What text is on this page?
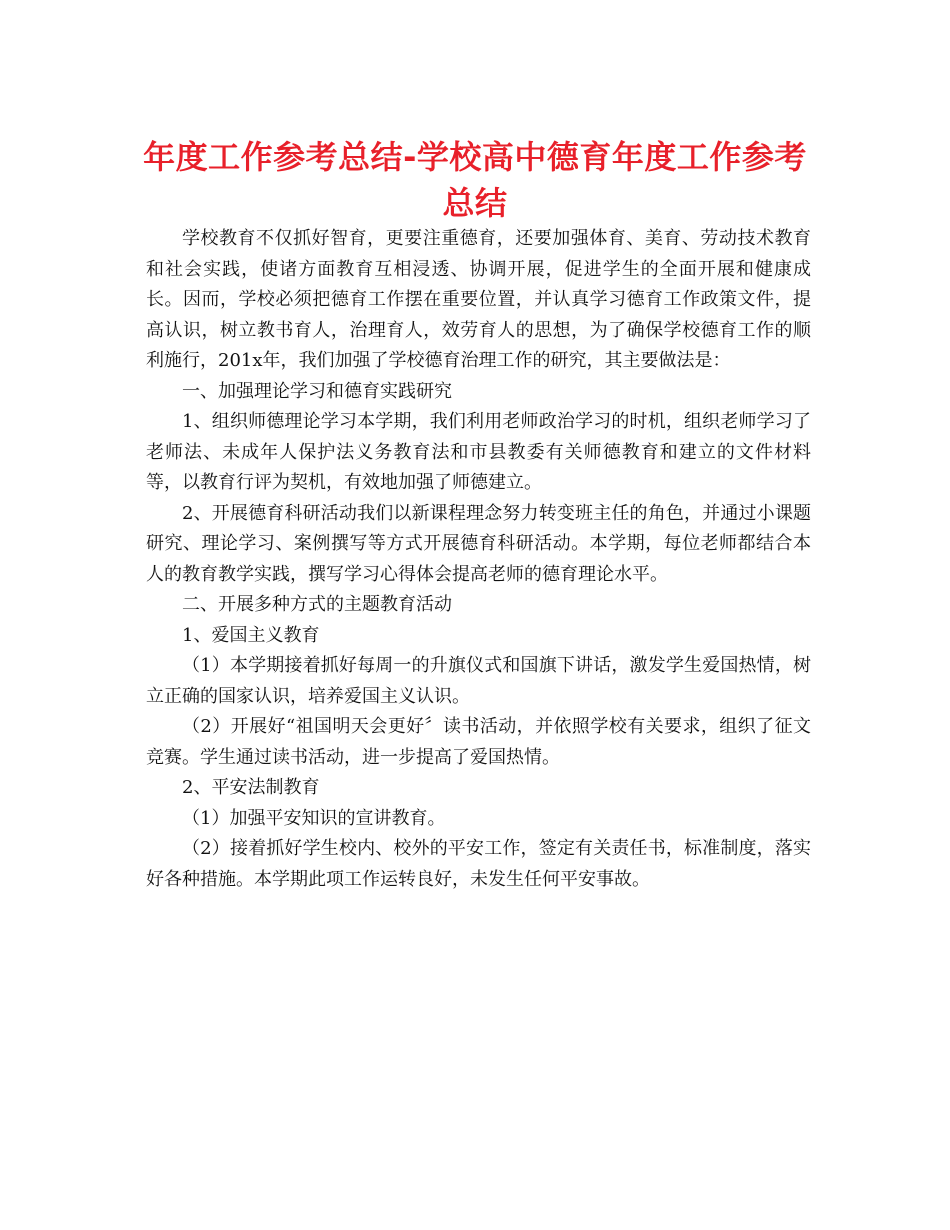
年度工作参考总结-学校高中德育年度工作参考总结

学校教育不仅抓好智育，更要注重德育，还要加强体育、美育、劳动技术教育和社会实践，使诸方面教育互相浸透、协调开展，促进学生的全面开展和健康成长。因而，学校必须把德育工作摆在重要位置，并认真学习德育工作政策文件，提高认识，树立教书育人，治理育人，效劳育人的思想，为了确保学校德育工作的顺利施行，201x年，我们加强了学校德育治理工作的研究，其主要做法是：

一、加强理论学习和德育实践研究

1、组织师德理论学习本学期，我们利用老师政治学习的时机，组织老师学习了老师法、未成年人保护法义务教育法和市县教委有关师德教育和建立的文件材料等，以教育行评为契机，有效地加强了师德建立。

2、开展德育科研活动我们以新课程理念努力转变班主任的角色，并通过小课题研究、理论学习、案例撰写等方式开展德育科研活动。本学期，每位老师都结合本人的教育教学实践，撰写学习心得体会提高老师的德育理论水平。

二、开展多种方式的主题教育活动

1、爱国主义教育

（1）本学期接着抓好每周一的升旗仪式和国旗下讲话，激发学生爱国热情，树立正确的国家认识，培养爱国主义认识。

（2）开展好“祖国明天会更好〞读书活动，并依照学校有关要求，组织了征文竞赛。学生通过读书活动，进一步提高了爱国热情。

2、平安法制教育

（1）加强平安知识的宣讲教育。

（2）接着抓好学生校内、校外的平安工作，签定有关责任书，标准制度，落实好各种措施。本学期此项工作运转良好，未发生任何平安事故。
